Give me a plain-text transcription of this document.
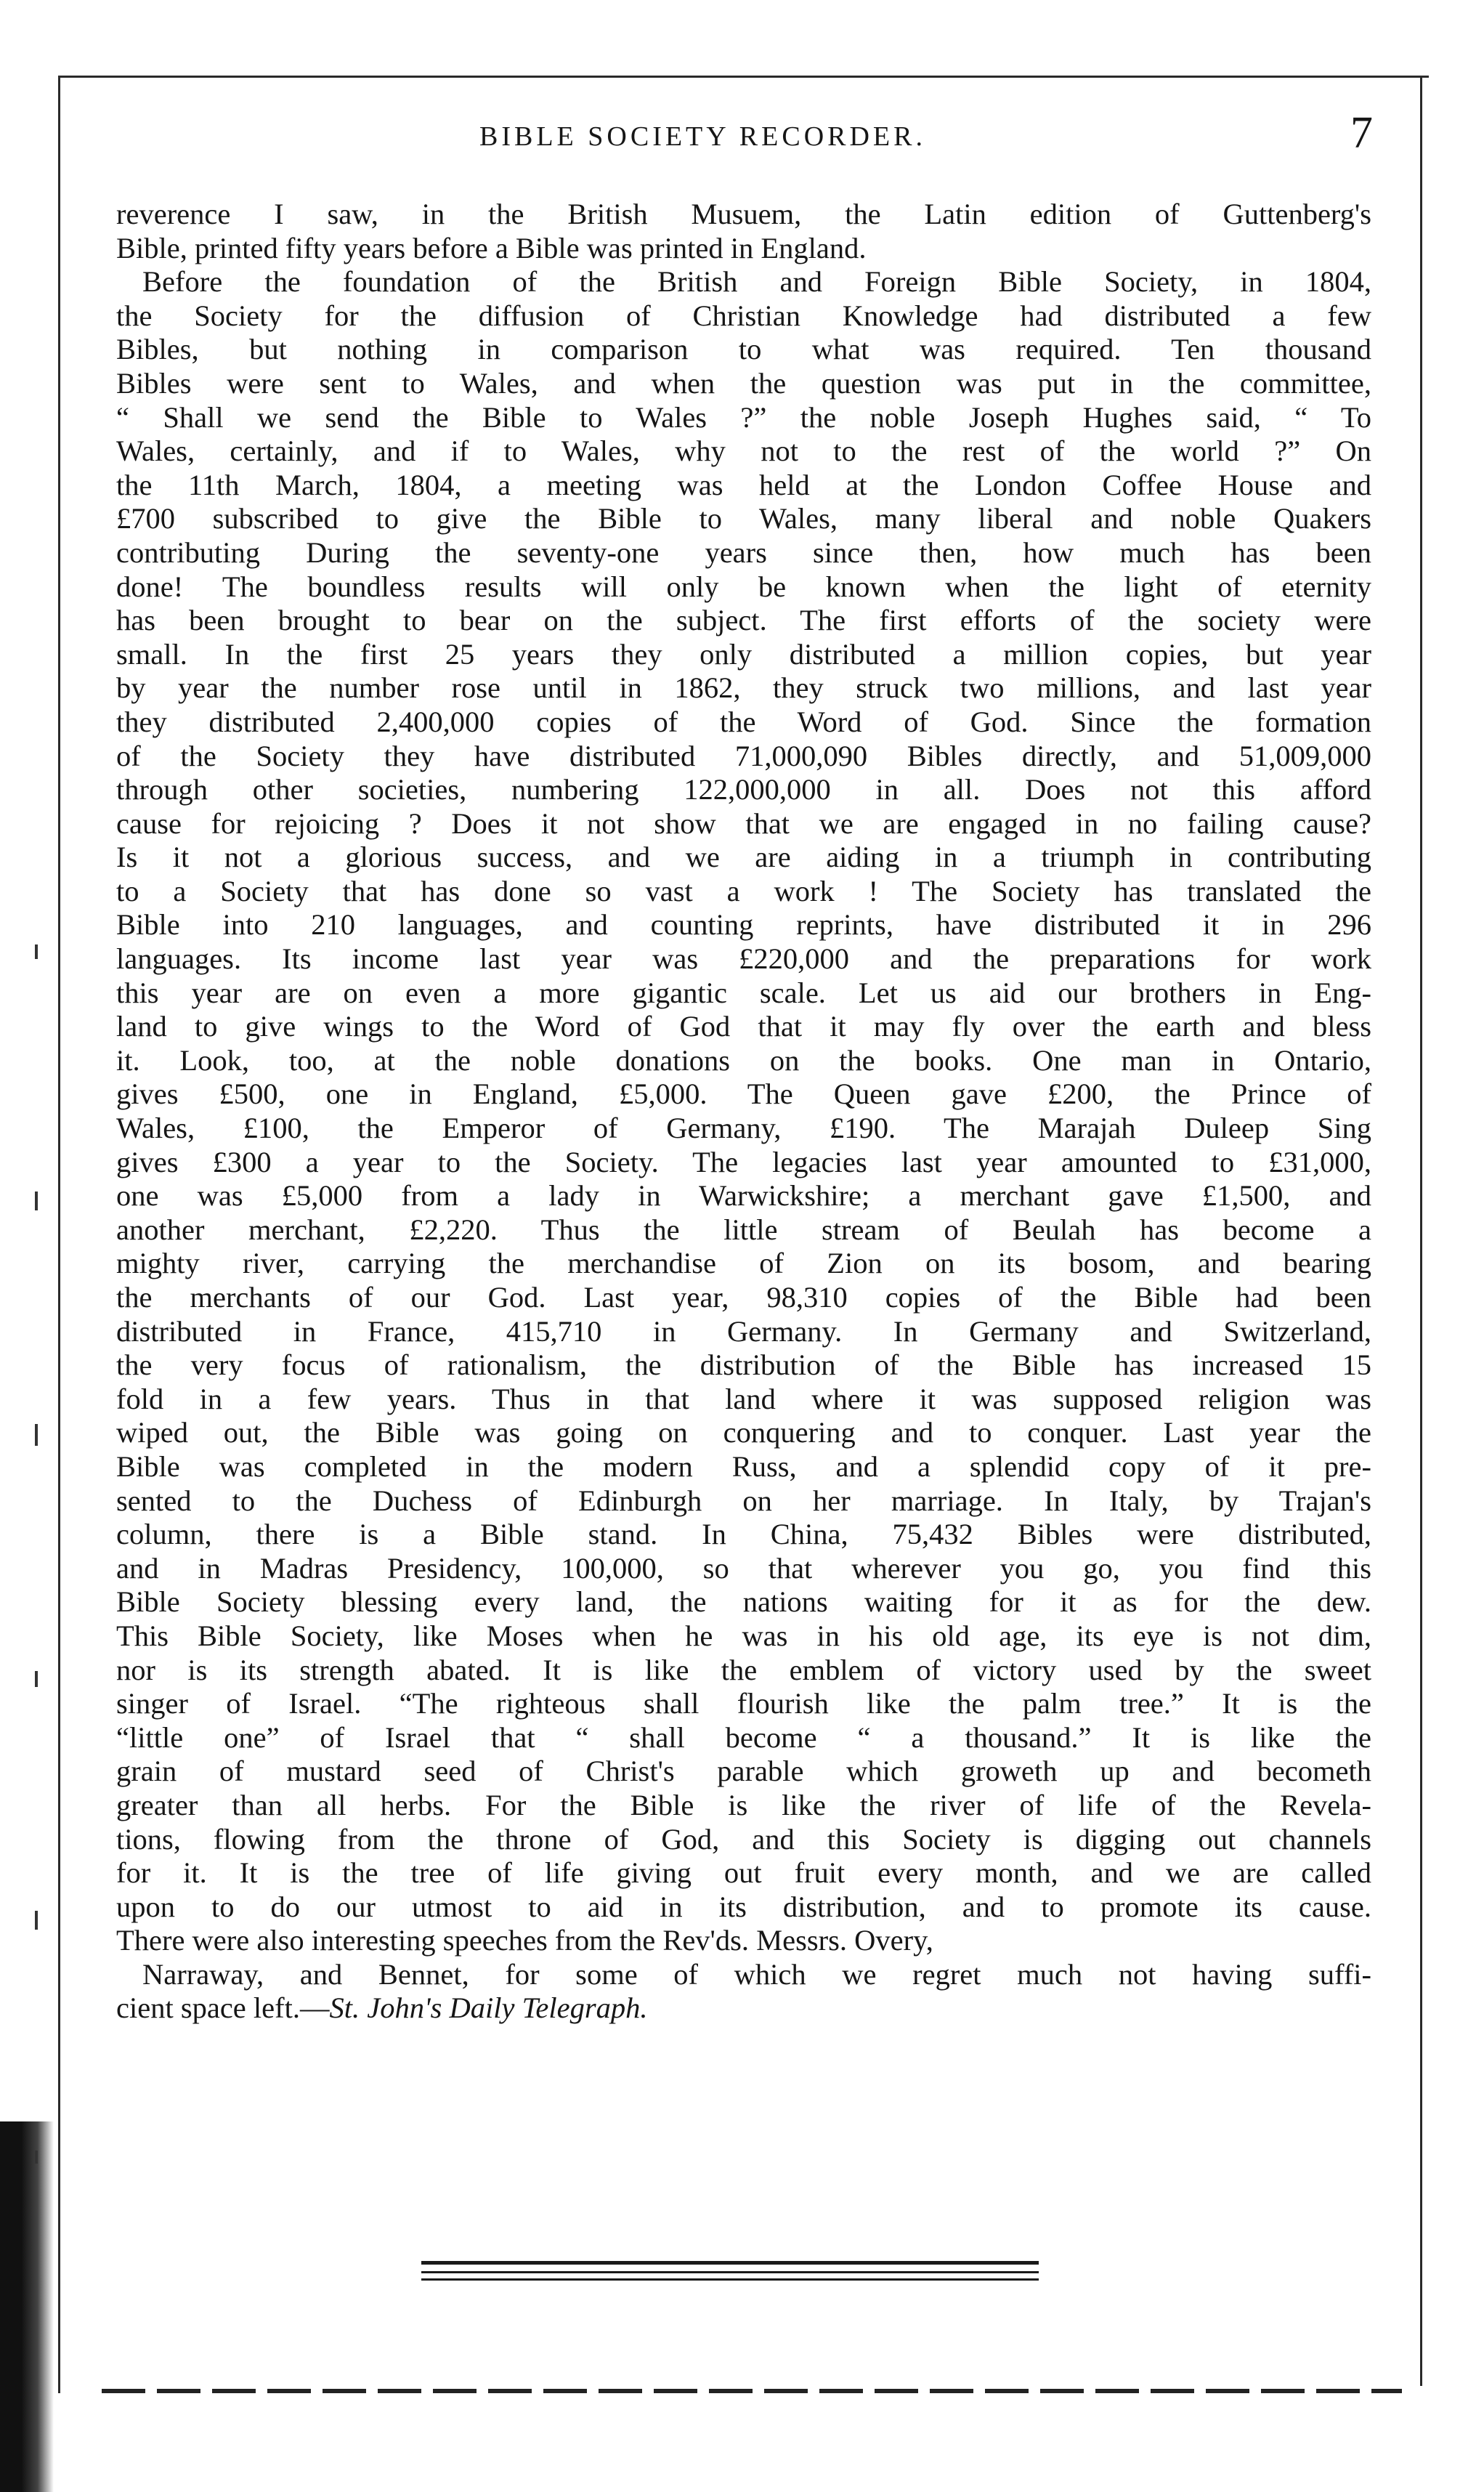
BIBLE SOCIETY RECORDER.	7
reverence I saw, in the British Musuem, the Latin edition of Guttenberg's
Bible, printed fifty years before a Bible was printed in England.
Before the foundation of the British and Foreign Bible Society, in 1804,
the Society for the diffusion of Christian Knowledge had distributed a few
Bibles, but nothing in comparison to what was required. Ten thousand
Bibles were sent to Wales, and when the question was put in the committee,
“ Shall we send the Bible to Wales ?” the noble Joseph Hughes said, “ To
Wales, certainly, and if to Wales, why not to the rest of the world ?” On
the 11th March, 1804, a meeting was held at the London Coffee House and
£700 subscribed to give the Bible to Wales, many liberal and noble Quakers
contributing During the seventy-one years since then, how much has been
done! The boundless results will only be known when the light of eternity
has been brought to bear on the subject. The first efforts of the society were
small. In the first 25 years they only distributed a million copies, but year
by year the number rose until in 1862, they struck two millions, and last year
they distributed 2,400,000 copies of the Word of God. Since the formation
of the Society they have distributed 71,000,090 Bibles directly, and 51,009,000
through other societies, numbering 122,000,000 in all. Does not this afford
cause for rejoicing ? Does it not show that we are engaged in no failing cause?
Is it not a glorious success, and we are aiding in a triumph in contributing
to a Society that has done so vast a work ! The Society has translated the
Bible into 210 languages, and counting reprints, have distributed it in 296
languages. Its income last year was £220,000 and the preparations for work
this year are on even a more gigantic scale. Let us aid our brothers in Eng-
land to give wings to the Word of God that it may fly over the earth and bless
it. Look, too, at the noble donations on the books. One man in Ontario,
gives £500, one in England, £5,000. The Queen gave £200, the Prince of
Wales, £100, the Emperor of Germany, £190. The Marajah Duleep Sing
gives £300 a year to the Society. The legacies last year amounted to £31,000,
one was £5,000 from a lady in Warwickshire; a merchant gave £1,500, and
another merchant, £2,220. Thus the little stream of Beulah has become a
mighty river, carrying the merchandise of Zion on its bosom, and bearing
the merchants of our God. Last year, 98,310 copies of the Bible had been
distributed in France, 415,710 in Germany. In Germany and Switzerland,
the very focus of rationalism, the distribution of the Bible has increased 15
fold in a few years. Thus in that land where it was supposed religion was
wiped out, the Bible was going on conquering and to conquer. Last year the
Bible was completed in the modern Russ, and a splendid copy of it pre-
sented to the Duchess of Edinburgh on her marriage. In Italy, by Trajan's
column, there is a Bible stand. In China, 75,432 Bibles were distributed,
and in Madras Presidency, 100,000, so that wherever you go, you find this
Bible Society blessing every land, the nations waiting for it as for the dew.
This Bible Society, like Moses when he was in his old age, its eye is not dim,
nor is its strength abated. It is like the emblem of victory used by the sweet
singer of Israel. “The righteous shall flourish like the palm tree.” It is the
“little one” of Israel that “ shall become “ a thousand.” It is like the
grain of mustard seed of Christ's parable which groweth up and becometh
greater than all herbs. For the Bible is like the river of life of the Revela-
tions, flowing from the throne of God, and this Society is digging out channels
for it. It is the tree of life giving out fruit every month, and we are called
upon to do our utmost to aid in its distribution, and to promote its cause.
There were also interesting speeches from the Rev'ds. Messrs. Overy,
Narraway, and Bennet, for some of which we regret much not having suffi-
cient space left.—St. John's Daily Telegraph.
